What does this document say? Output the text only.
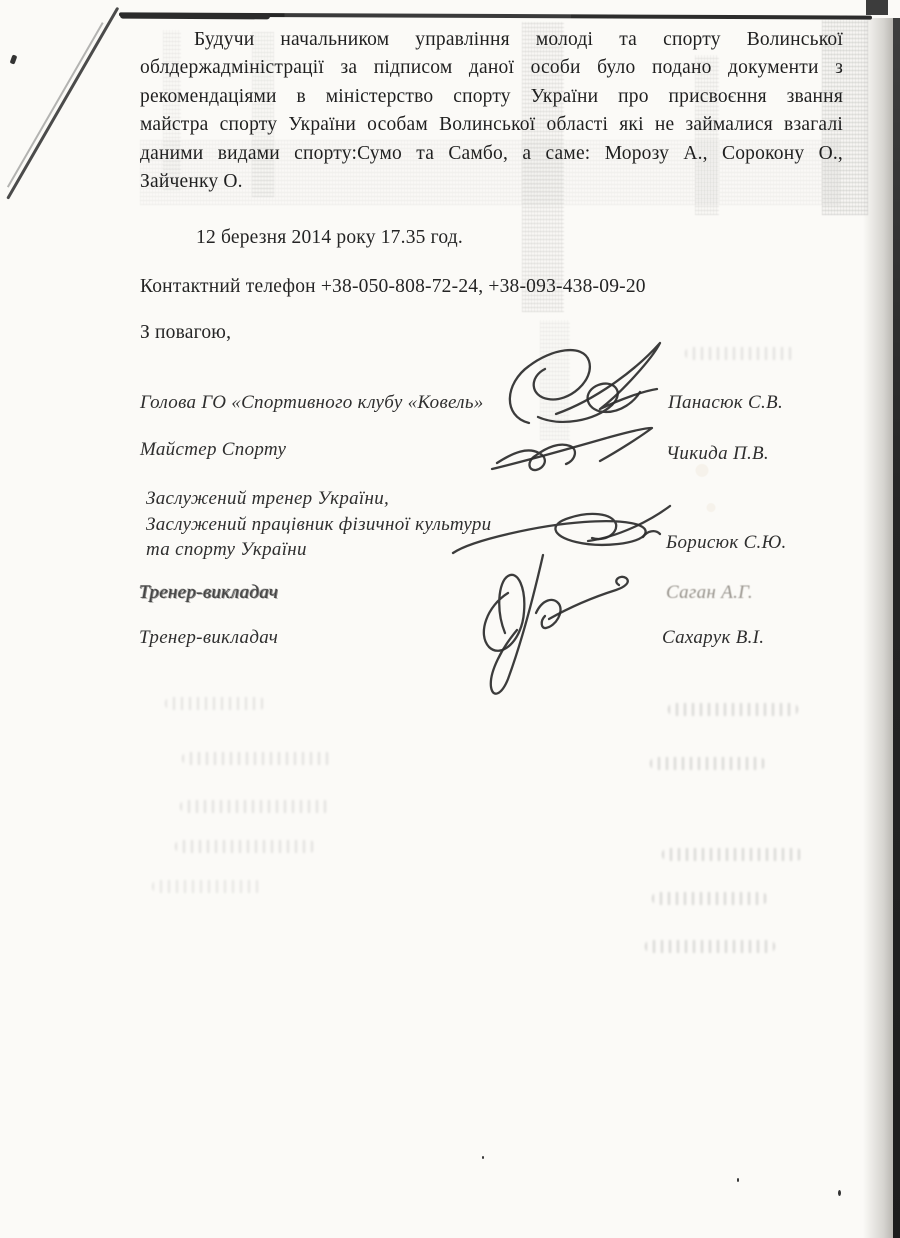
Будучи начальником управління молоді та спорту Волинської
облдержадміністрації за підписом даної особи було подано документи з
рекомендаціями в міністерство спорту України про присвоєння звання
майстра спорту України особам Волинської області які не займалися взагалі
даними видами спорту:Сумо та Самбо, а саме: Морозу А., Сорокону О.,
Зайченку О.
12 березня 2014 року 17.35 год.
Контактний телефон +38-050-808-72-24, +38-093-438-09-20
З повагою,
Голова ГО «Спортивного клубу «Ковель»	Панасюк С.В.
Майстер Спорту	Чикида П.В.
Заслужений тренер України,
Заслужений працівник фізичної культури
та спорту України	Борисюк С.Ю.
Тренер-викладач	Саган А.Г.
Тренер-викладач	Сахарук В.І.
